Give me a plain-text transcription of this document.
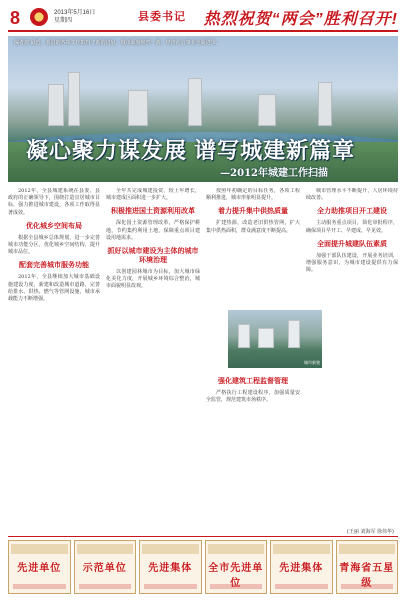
8	2013年5月16日
星期四	县委书记 热烈祝贺“两会”胜利召开!
编者按 最近，我县的各项工作取得了新的进展，城市面貌焕然一新，经济社会事业全面进步。
凝心聚力谋发展 谱写城建新篇章
—2012年城建工作扫描
2012年，全县城建系统在县委、县政府的正确领导下，围绕打造宜居城市目标，强力推进城市建设，各项工作取得显著成效。
优化城乡空间布局
根据全县城乡总体规划，进一步完善城市功能分区，优化城乡空间结构，提升城市品位。
配套完善城市服务功能
2012年，全县继续加大城市基础设施建设力度，新建和改造城市道路，完善给排水、供热、燃气等管网设施，城市承载能力不断增强。
全年共完成城建投资，较上年增长，城市建成区面积进一步扩大。
积极推进国土资源利用改革
深化国土资源管理改革，严格保护耕地，节约集约利用土地，保障重点项目建设用地需求。
抓好以城市建设为主体的城市环境治理
以创建园林城市为目标，加大城市绿化美化力度，开展城乡环境综合整治，城市面貌明显改观。
按照年初确定的目标任务，各项工程顺利推进，城市形象明显提升。
着力提升集中供热质量
扩建热源，改造老旧供热管网，扩大集中供热面积，群众满意度不断提高。
城市新貌
强化建筑工程监督管理
严格执行工程建设程序，加强质量安全监管，规范建筑市场秩序。
城市管理水平不断提升，人居环境持续改善。
全力助推项目开工建设
主动服务重点项目，简化审批程序，确保项目早开工、早建成、早见效。
全面提升城建队伍素质
加强干部队伍建设，开展业务培训，增强服务意识，为城市建设提供有力保障。
(王丽 刘海军 徐伟华)
先进单位	示范单位	先进集体	全市先进单位
先进集体	青海省五星级
